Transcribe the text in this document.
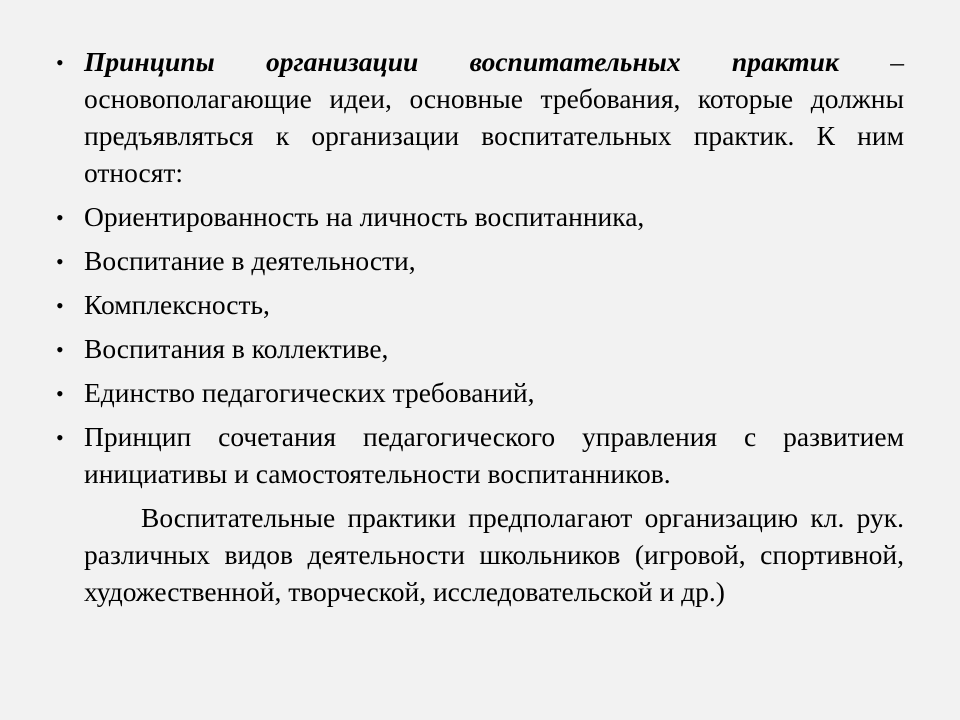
• Принципы организации воспитательных практик – основополагающие идеи, основные требования, которые должны предъявляться к организации воспитательных практик. К ним относят:
• Ориентированность на личность воспитанника,
• Воспитание в деятельности,
• Комплексность,
• Воспитания в коллективе,
• Единство педагогических требований,
• Принцип сочетания педагогического управления с развитием инициативы и самостоятельности воспитанников.

Воспитательные практики предполагают организацию кл. рук. различных видов деятельности школьников (игровой, спортивной, художественной, творческой, исследовательской и др.)
